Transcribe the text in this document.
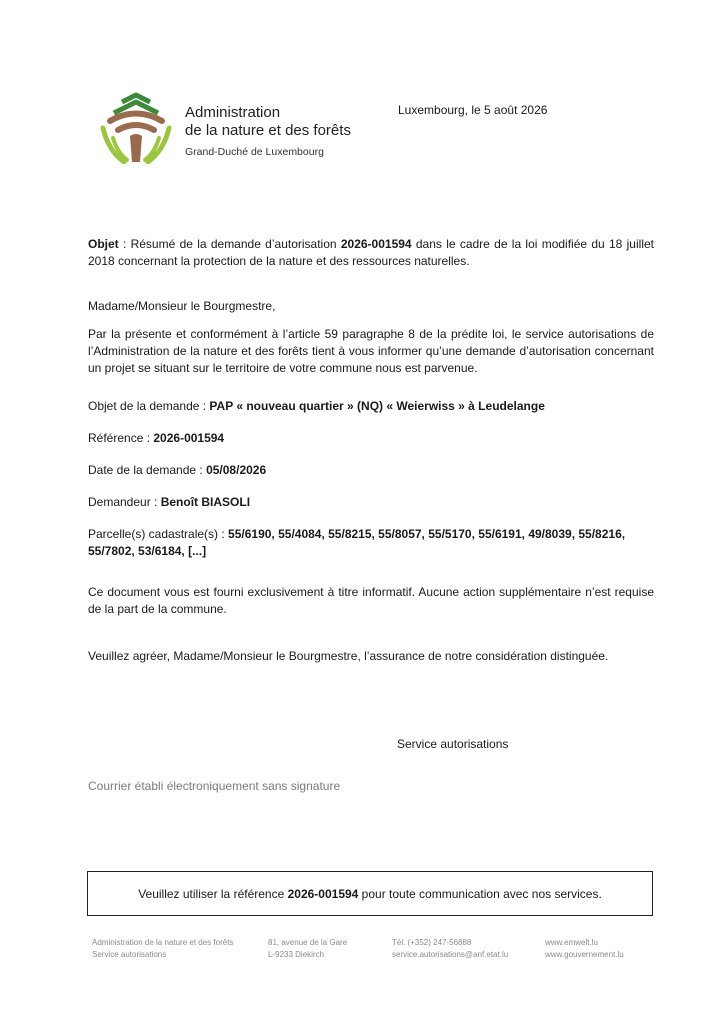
Administration
de la nature et des forêts
Grand-Duché de Luxembourg
Luxembourg, le 5 août 2026
Objet : Résumé de la demande d’autorisation 2026-001594 dans le cadre de la loi modifiée du 18 juillet 2018 concernant la protection de la nature et des ressources naturelles.
Madame/Monsieur le Bourgmestre,
Par la présente et conformément à l’article 59 paragraphe 8 de la prédite loi, le service autorisations de l’Administration de la nature et des forêts tient à vous informer qu’une demande d’autorisation concernant un projet se situant sur le territoire de votre commune nous est parvenue.
Objet de la demande : PAP « nouveau quartier » (NQ) « Weierwiss » à Leudelange
Référence : 2026-001594
Date de la demande : 05/08/2026
Demandeur : Benoît BIASOLI
Parcelle(s) cadastrale(s) : 55/6190, 55/4084, 55/8215, 55/8057, 55/5170, 55/6191, 49/8039, 55/8216, 55/7802, 53/6184, [...]
Ce document vous est fourni exclusivement à titre informatif. Aucune action supplémentaire n’est requise de la part de la commune.
Veuillez agréer, Madame/Monsieur le Bourgmestre, l’assurance de notre considération distinguée.
Service autorisations
Courrier établi électroniquement sans signature
Veuillez utiliser la référence 2026-001594 pour toute communication avec nos services.
Administration de la nature et des forêts
Service autorisations
81, avenue de la Gare
L-9233 Diekirch
Tél. (+352) 247-56888
service.autorisations@anf.etat.lu
www.emwelt.lu
www.gouvernement.lu
